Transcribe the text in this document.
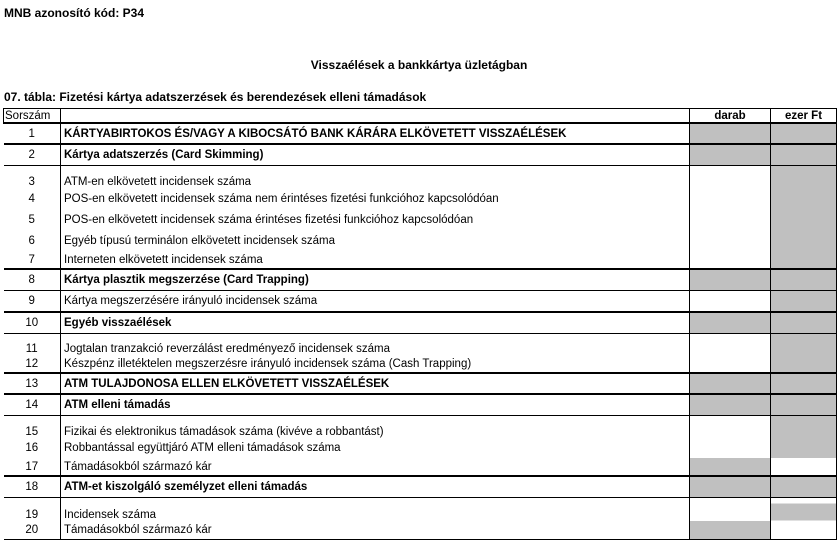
MNB azonosító kód: P34
Visszaélések a bankkártya üzletágban
07. tábla: Fizetési kártya adatszerzések és berendezések elleni támadások
Sorszám		darab	ezer Ft
1	KÁRTYABIRTOKOS ÉS/VAGY A KIBOCSÁTÓ BANK KÁRÁRA ELKÖVETETT VISSZAÉLÉSEK		
2	Kártya adatszerzés (Card Skimming)		
3	ATM-en elkövetett incidensek száma		
4	POS-en elkövetett incidensek száma nem érintéses fizetési funkcióhoz kapcsolódóan		
5	POS-en elkövetett incidensek száma érintéses fizetési funkcióhoz kapcsolódóan		
6	Egyéb típusú terminálon elkövetett incidensek száma		
7	Interneten elkövetett incidensek száma		
8	Kártya plasztik megszerzése (Card Trapping)		
9	Kártya megszerzésére irányuló incidensek száma		
10	Egyéb visszaélések		
11	Jogtalan tranzakció reverzálást eredményező incidensek száma		
12	Készpénz illetéktelen megszerzésre irányuló incidensek száma (Cash Trapping)		
13	ATM TULAJDONOSA ELLEN ELKÖVETETT VISSZAÉLÉSEK		
14	ATM elleni támadás		
15	Fizikai és elektronikus támadások száma (kivéve a robbantást)		
16	Robbantással együttjáró ATM elleni támadások száma		
17	Támadásokból származó kár		
18	ATM-et kiszolgáló személyzet elleni támadás		
19	Incidensek száma		
20	Támadásokból származó kár		
